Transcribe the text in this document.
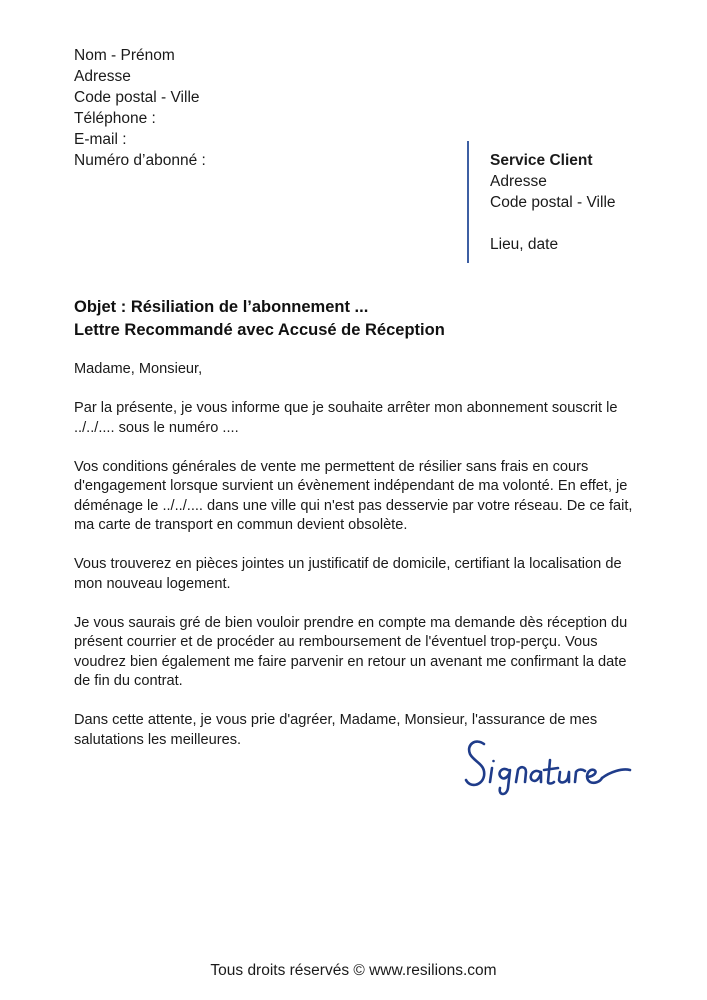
Nom - Prénom
Adresse
Code postal - Ville
Téléphone :
E-mail :
Numéro d’abonné :	Service Client
Adresse
Code postal - Ville
Lieu, date
Objet : Résiliation de l’abonnement ...
Lettre Recommandé avec Accusé de Réception

Madame, Monsieur,

Par la présente, je vous informe que je souhaite arrêter mon abonnement souscrit le ../../.... sous le numéro ....

Vos conditions générales de vente me permettent de résilier sans frais en cours d'engagement lorsque survient un évènement indépendant de ma volonté. En effet, je déménage le ../../.... dans une ville qui n'est pas desservie par votre réseau. De ce fait, ma carte de transport en commun devient obsolète.

Vous trouverez en pièces jointes un justificatif de domicile, certifiant la localisation de mon nouveau logement.

Je vous saurais gré de bien vouloir prendre en compte ma demande dès réception du présent courrier et de procéder au remboursement de l'éventuel trop-perçu. Vous voudrez bien également me faire parvenir en retour un avenant me confirmant la date de fin du contrat.

Dans cette attente, je vous prie d'agréer, Madame, Monsieur, l'assurance de mes salutations les meilleures.

Tous droits réservés © www.resilions.com
